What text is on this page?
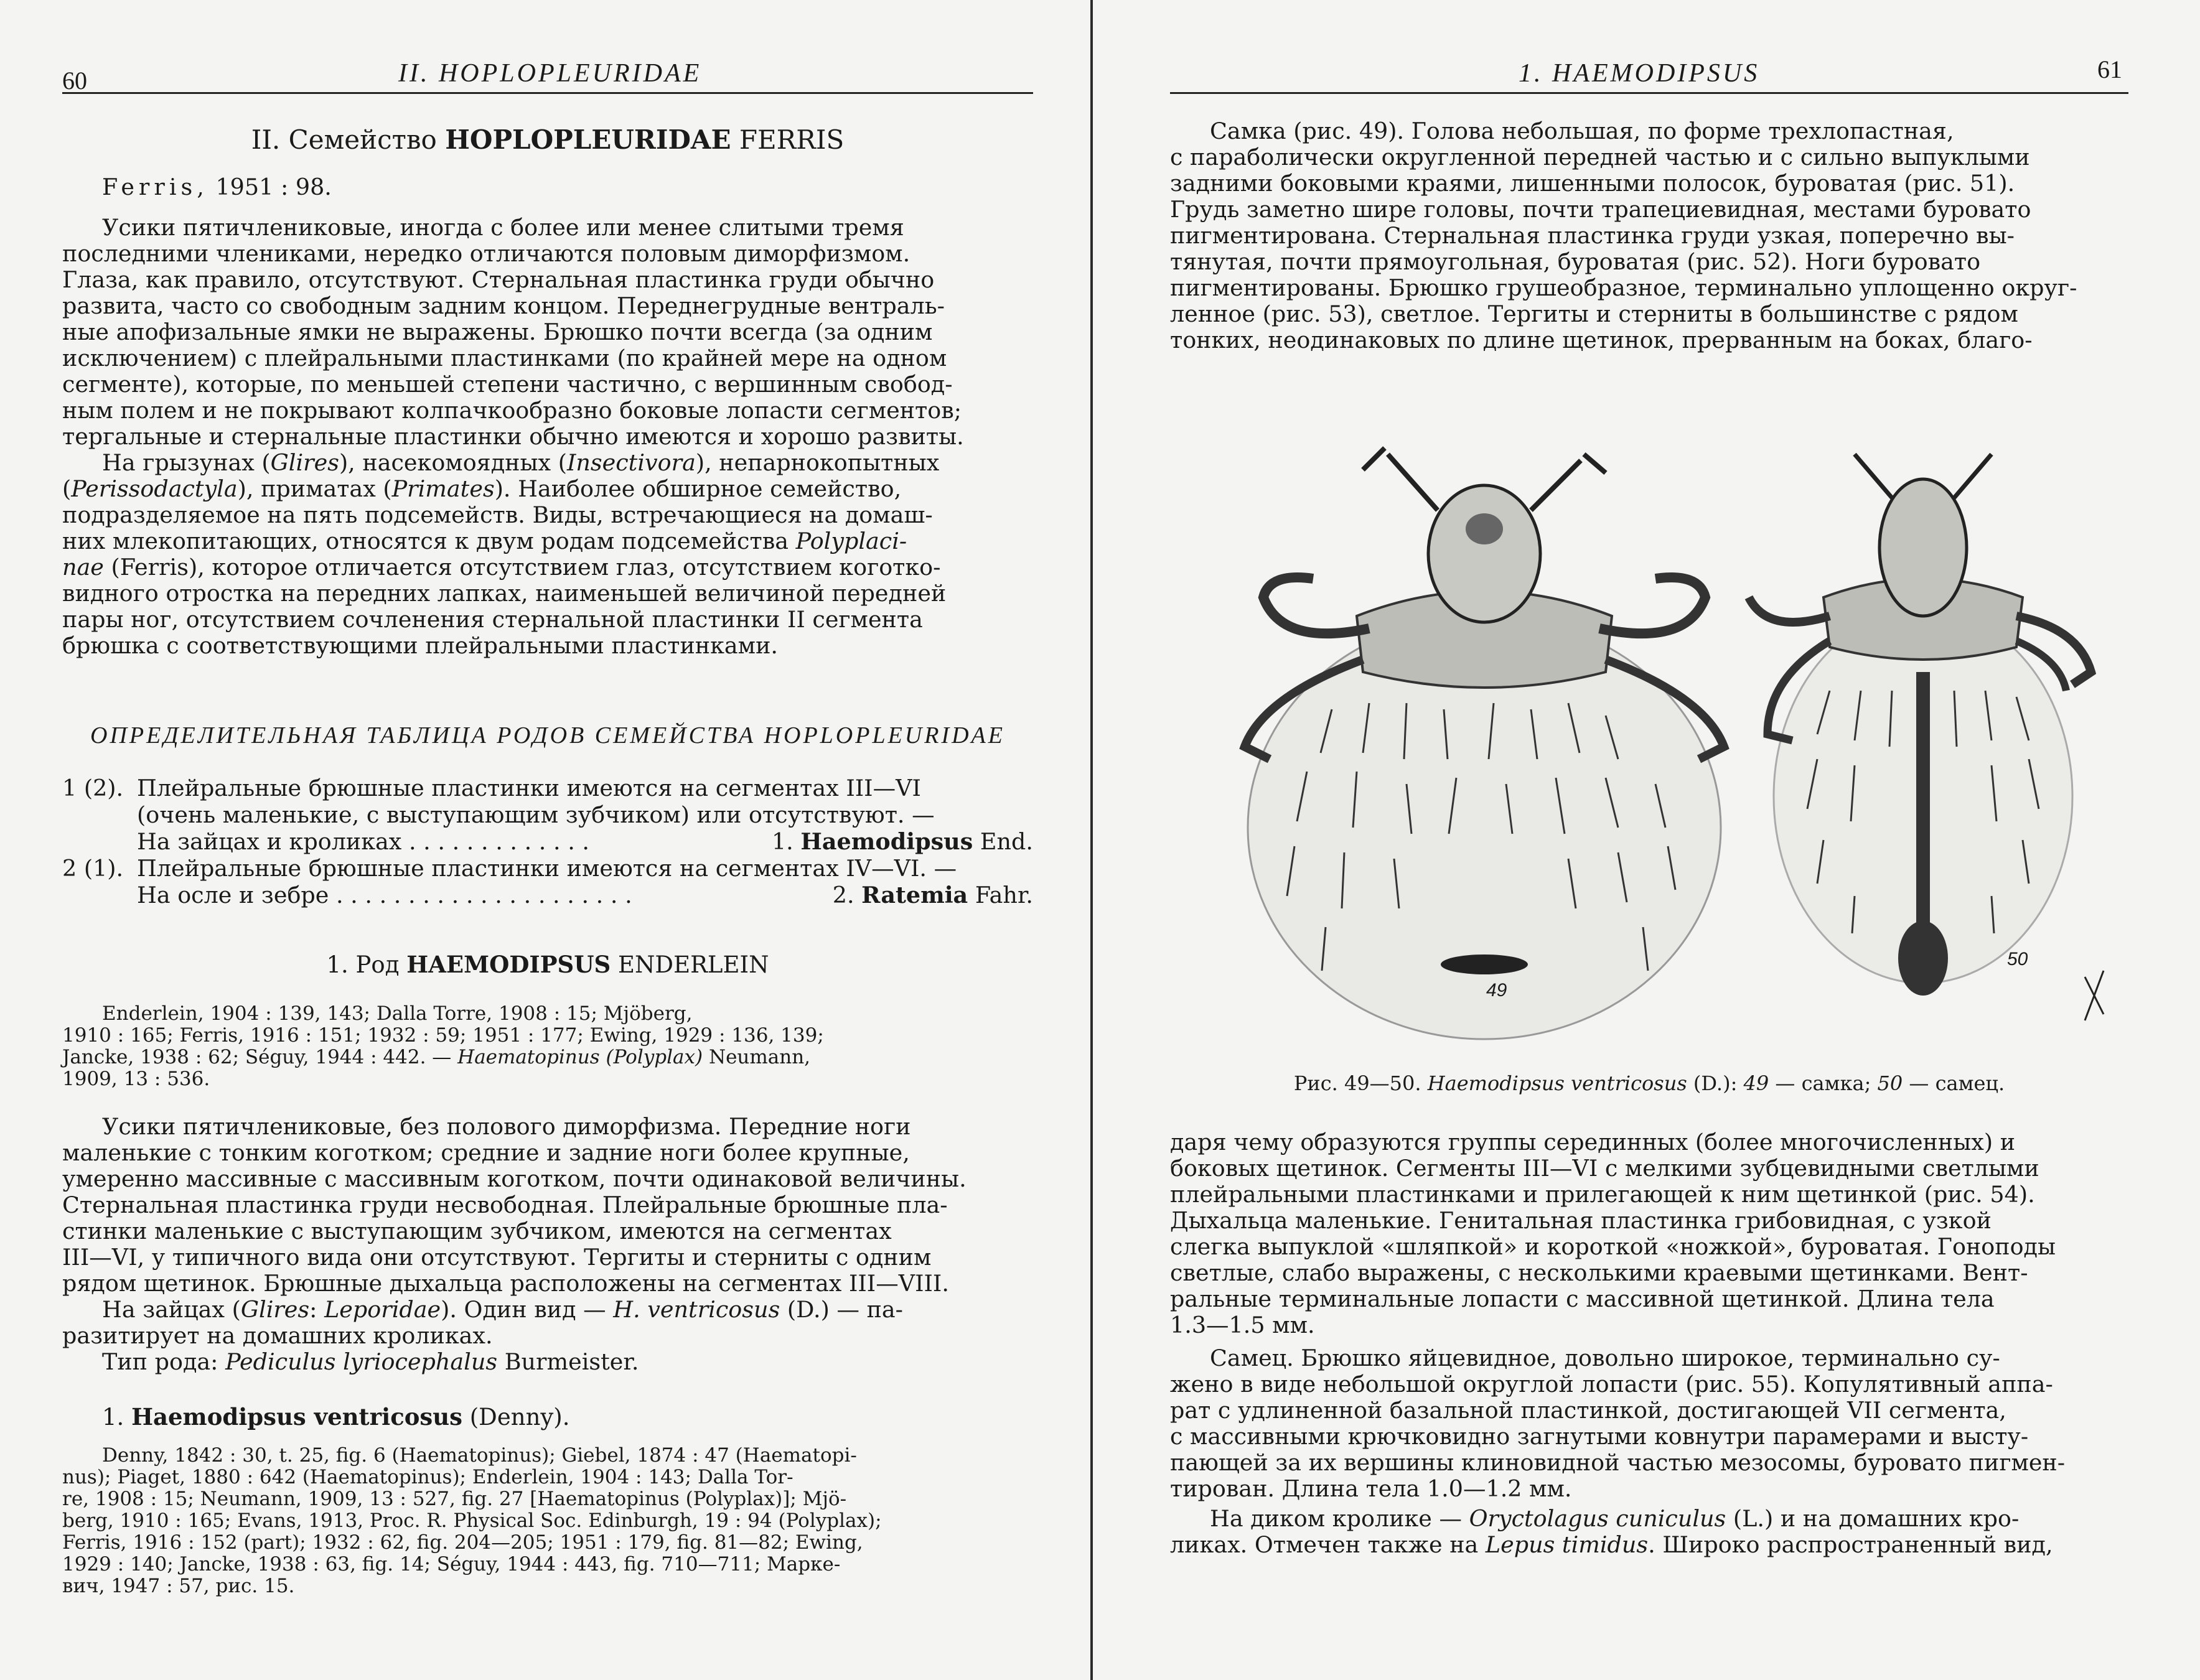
60	II. HOPLOPLEURIDAE
II. Семейство HOPLOPLEURIDAE FERRIS

Ferris, 1951 : 98.

Усики пятичлениковые, иногда с более или менее слитыми тремя

последними члениками, нередко отличаются половым диморфизмом.

Глаза, как правило, отсутствуют. Стернальная пластинка груди обычно

развита, часто со свободным задним концом. Переднегрудные вентраль-

ные апофизальные ямки не выражены. Брюшко почти всегда (за одним

исключением) с плейральными пластинками (по крайней мере на одном

сегменте), которые, по меньшей степени частично, с вершинным свобод-

ным полем и не покрывают колпачкообразно боковые лопасти сегментов;

тергальные и стернальные пластинки обычно имеются и хорошо развиты.

На грызунах (Glires), насекомоядных (Insectivora), непарнокопытных

(Perissodactyla), приматах (Primates). Наиболее обширное семейство,

подразделяемое на пять подсемейств. Виды, встречающиеся на домаш-

них млекопитающих, относятся к двум родам подсемейства Polyplaci-

nae (Ferris), которое отличается отсутствием глаз, отсутствием коготко-

видного отростка на передних лапках, наименьшей величиной передней

пары ног, отсутствием сочленения стернальной пластинки II сегмента

брюшка с соответствующими плейральными пластинками.

ОПРЕДЕЛИТЕЛЬНАЯ ТАБЛИЦА РОДОВ СЕМЕЙСТВА HOPLOPLEURIDAE
1 (2). Плейральные брюшные пластинки имеются на сегментах III—VI
(очень маленькие, с выступающим зубчиком) или отсутствуют. —
На зайцах и кроликах . . . . . . . . . . . . .	1. Haemodipsus End.
2 (1). Плейральные брюшные пластинки имеются на сегментах IV—VI. —
На осле и зебре . . . . . . . . . . . . . . . . . . . . .	2. Ratemia Fahr.
1. Род HAEMODIPSUS ENDERLEIN

Enderlein, 1904 : 139, 143; Dalla Torre, 1908 : 15; Mjöberg,

1910 : 165; Ferris, 1916 : 151; 1932 : 59; 1951 : 177; Ewing, 1929 : 136, 139;

Jancke, 1938 : 62; Séguy, 1944 : 442. — Haematopinus (Polyplax) Neumann,

1909, 13 : 536.

Усики пятичлениковые, без полового диморфизма. Передние ноги

маленькие с тонким коготком; средние и задние ноги более крупные,

умеренно массивные с массивным коготком, почти одинаковой величины.

Стернальная пластинка груди несвободная. Плейральные брюшные пла-

стинки маленькие с выступающим зубчиком, имеются на сегментах

III—VI, у типичного вида они отсутствуют. Тергиты и стерниты с одним

рядом щетинок. Брюшные дыхальца расположены на сегментах III—VIII.

На зайцах (Glires: Leporidae). Один вид — H. ventricosus (D.) — па-

разитирует на домашних кроликах.

Тип рода: Pediculus lyriocephalus Burmeister.

1. Haemodipsus ventricosus (Denny).

Denny, 1842 : 30, t. 25, fig. 6 (Haematopinus); Giebel, 1874 : 47 (Haematopi-

nus); Piaget, 1880 : 642 (Haematopinus); Enderlein, 1904 : 143; Dalla Tor-

re, 1908 : 15; Neumann, 1909, 13 : 527, fig. 27 [Haematopinus (Polyplax)]; Mjö-

berg, 1910 : 165; Evans, 1913, Proc. R. Physical Soc. Edinburgh, 19 : 94 (Polyplax);

Ferris, 1916 : 152 (part); 1932 : 62, fig. 204—205; 1951 : 179, fig. 81—82; Ewing,

1929 : 140; Jancke, 1938 : 63, fig. 14; Séguy, 1944 : 443, fig. 710—711; Марке-

вич, 1947 : 57, рис. 15.

1. HAEMODIPSUS	61

Самка (рис. 49). Голова небольшая, по форме трехлопастная,

с параболически округленной передней частью и с сильно выпуклыми

задними боковыми краями, лишенными полосок, буроватая (рис. 51).

Грудь заметно шире головы, почти трапециевидная, местами буровато

пигментирована. Стернальная пластинка груди узкая, поперечно вы-

тянутая, почти прямоугольная, буроватая (рис. 52). Ноги буровато

пигментированы. Брюшко грушеобразное, терминально уплощенно округ-

ленное (рис. 53), светлое. Тергиты и стерниты в большинстве с рядом

тонких, неодинаковых по длине щетинок, прерванным на боках, благо-

49
50
Рис. 49—50. Haemodipsus ventricosus (D.): 49 — самка; 50 — самец.

даря чему образуются группы серединных (более многочисленных) и

боковых щетинок. Сегменты III—VI с мелкими зубцевидными светлыми

плейральными пластинками и прилегающей к ним щетинкой (рис. 54).

Дыхальца маленькие. Генитальная пластинка грибовидная, с узкой

слегка выпуклой «шляпкой» и короткой «ножкой», буроватая. Гоноподы

светлые, слабо выражены, с несколькими краевыми щетинками. Вент-

ральные терминальные лопасти с массивной щетинкой. Длина тела

1.3—1.5 мм.

Самец. Брюшко яйцевидное, довольно широкое, терминально су-

жено в виде небольшой округлой лопасти (рис. 55). Копулятивный аппа-

рат с удлиненной базальной пластинкой, достигающей VII сегмента,

с массивными крючковидно загнутыми ковнутри парамерами и высту-

пающей за их вершины клиновидной частью мезосомы, буровато пигмен-

тирован. Длина тела 1.0—1.2 мм.

На диком кролике — Oryctolagus cuniculus (L.) и на домашних кро-

ликах. Отмечен также на Lepus timidus. Широко распространенный вид,
